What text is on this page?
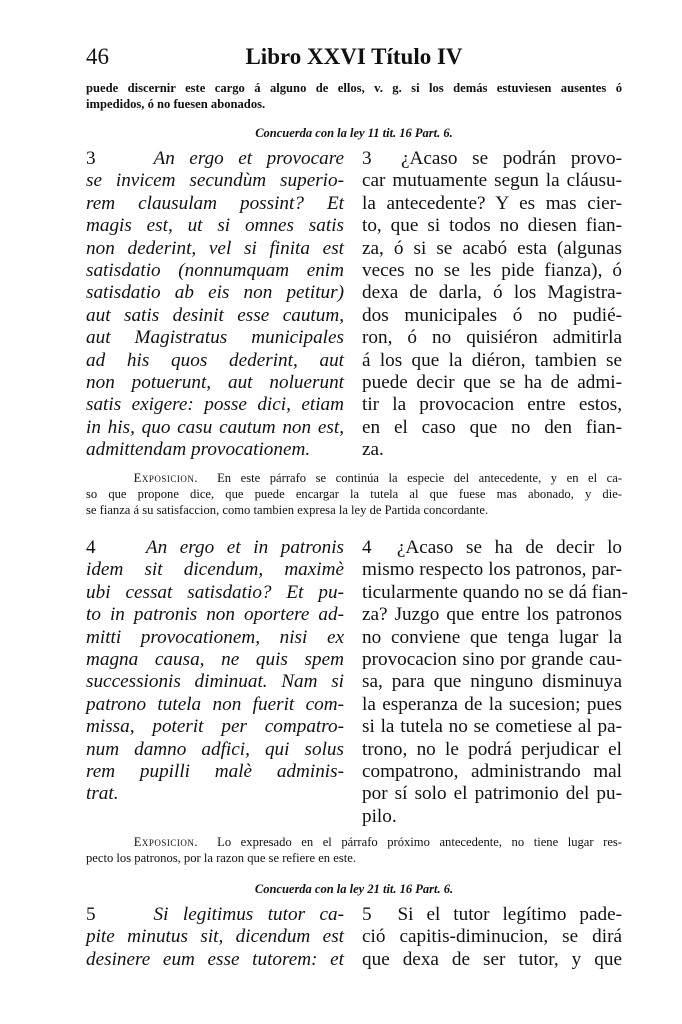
46	Libro XXVI Título IV
puede discernir este cargo á alguno de ellos, v. g. si los demás estuviesen ausentes ó
impedidos, ó no fuesen abonados.
Concuerda con la ley 11 tit. 16 Part. 6.
3	An ergo et provocare
se invicem secundùm superio-
rem clausulam possint? Et
magis est, ut si omnes satis
non dederint, vel si finita est
satisdatio (nonnumquam enim
satisdatio ab eis non petitur)
aut satis desinit esse cautum,
aut Magistratus municipales
ad his quos dederint, aut
non potuerunt, aut noluerunt
satis exigere: posse dici, etiam
in his, quo casu cautum non est,
admittendam provocationem.
3 ¿Acaso se podrán provo-
car mutuamente segun la cláusu-
la antecedente? Y es mas cier-
to, que si todos no diesen fian-
za, ó si se acabó esta (algunas
veces no se les pide fianza), ó
dexa de darla, ó los Magistra-
dos municipales ó no pudié-
ron, ó no quisiéron admitirla
á los que la diéron, tambien se
puede decir que se ha de admi-
tir la provocacion entre estos,
en el caso que no den fian-
za.
Exposicion. En este párrafo se continúa la especie del antecedente, y en el ca-
so que propone dice, que puede encargar la tutela al que fuese mas abonado, y die-
se fianza á su satisfaccion, como tambien expresa la ley de Partida concordante.
4	An ergo et in patronis
idem sit dicendum, maximè
ubi cessat satisdatio? Et pu-
to in patronis non oportere ad-
mitti provocationem, nisi ex
magna causa, ne quis spem
successionis diminuat. Nam si
patrono tutela non fuerit com-
missa, poterit per compatro-
num damno adfici, qui solus
rem pupilli malè adminis-
trat.
4 ¿Acaso se ha de decir lo
mismo respecto los patronos, par-
ticularmente quando no se dá fian-
za? Juzgo que entre los patronos
no conviene que tenga lugar la
provocacion sino por grande cau-
sa, para que ninguno disminuya
la esperanza de la sucesion; pues
si la tutela no se cometiese al pa-
trono, no le podrá perjudicar el
compatrono, administrando mal
por sí solo el patrimonio del pu-
pilo.
Exposicion. Lo expresado en el párrafo próximo antecedente, no tiene lugar res-
pecto los patronos, por la razon que se refiere en este.
Concuerda con la ley 21 tit. 16 Part. 6.
5	Si legitimus tutor ca-
pite minutus sit, dicendum est
desinere eum esse tutorem: et
5 Si el tutor legítimo pade-
ció capitis-diminucion, se dirá
que dexa de ser tutor, y que
